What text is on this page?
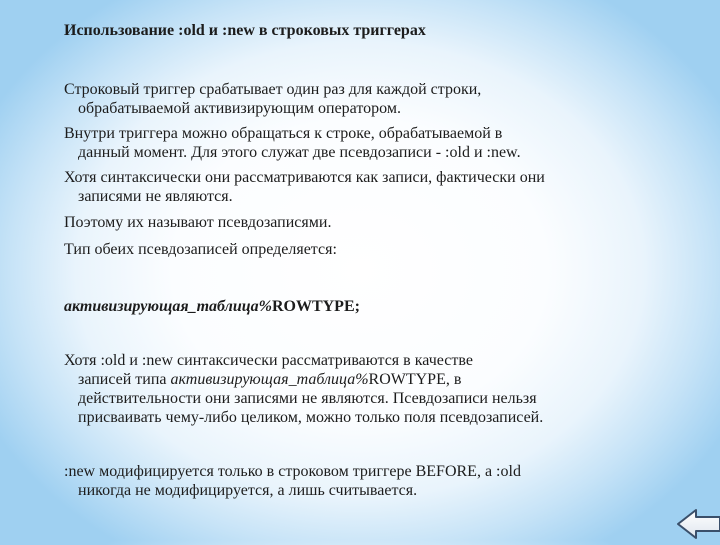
Использование :old и :new в строковых триггерах
Строковый триггер срабатывает один раз для каждой строки,
обрабатываемой активизирующим оператором.
Внутри триггера можно обращаться к строке, обрабатываемой в
данный момент. Для этого служат две псевдозаписи - :old и :new.
Хотя синтаксически они рассматриваются как записи, фактически они
записями не являются.
Поэтому их называют псевдозаписями.
Тип обеих псевдозаписей определяется:
активизирующая_таблица%ROWTYPE;
Хотя :old и :new синтаксически рассматриваются в качестве
записей типа активизирующая_таблица%ROWTYPE, в
действительности они записями не являются. Псевдозаписи нельзя
присваивать чему-либо целиком, можно только поля псевдозаписей.
:new модифицируется только в строковом триггере BEFORE, а :old
никогда не модифицируется, а лишь считывается.
